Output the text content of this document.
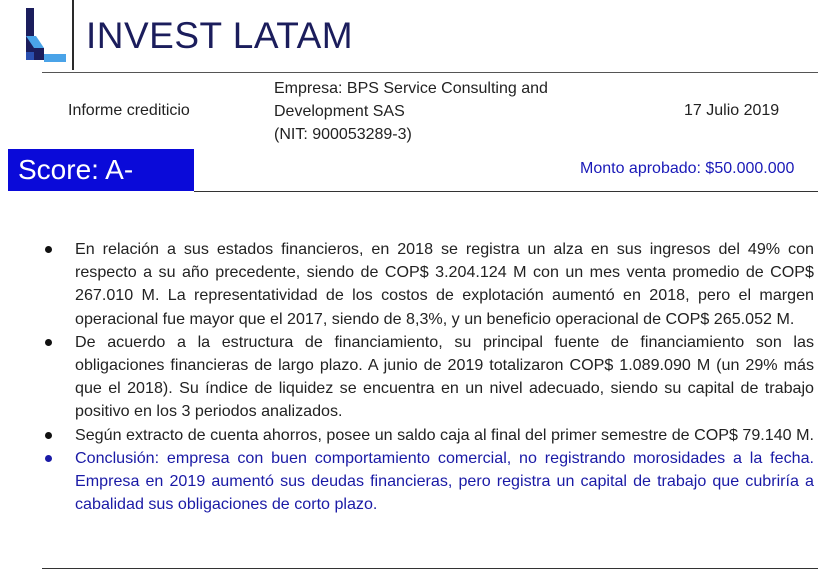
INVEST LATAM
Informe crediticio
Empresa: BPS Service Consulting and
Development SAS
(NIT: 900053289-3)
17 Julio 2019
Score: A-	Monto aprobado: $50.000.000
En relación a sus estados financieros, en 2018 se registra un alza en sus ingresos del 49% con respecto a su año precedente, siendo de COP$ 3.204.124 M con un mes venta promedio de COP$ 267.010 M. La representatividad de los costos de explotación aumentó en 2018, pero el margen operacional fue mayor que el 2017, siendo de 8,3%, y un beneficio operacional de COP$ 265.052 M.
De acuerdo a la estructura de financiamiento, su principal fuente de financiamiento son las obligaciones financieras de largo plazo. A junio de 2019 totalizaron COP$ 1.089.090 M (un 29% más que el 2018). Su índice de liquidez se encuentra en un nivel adecuado, siendo su capital de trabajo positivo en los 3 periodos analizados.
Según extracto de cuenta ahorros, posee un saldo caja al final del primer semestre de COP$ 79.140 M.
Conclusión: empresa con buen comportamiento comercial, no registrando morosidades a la fecha. Empresa en 2019 aumentó sus deudas financieras, pero registra un capital de trabajo que cubriría a cabalidad sus obligaciones de corto plazo.
